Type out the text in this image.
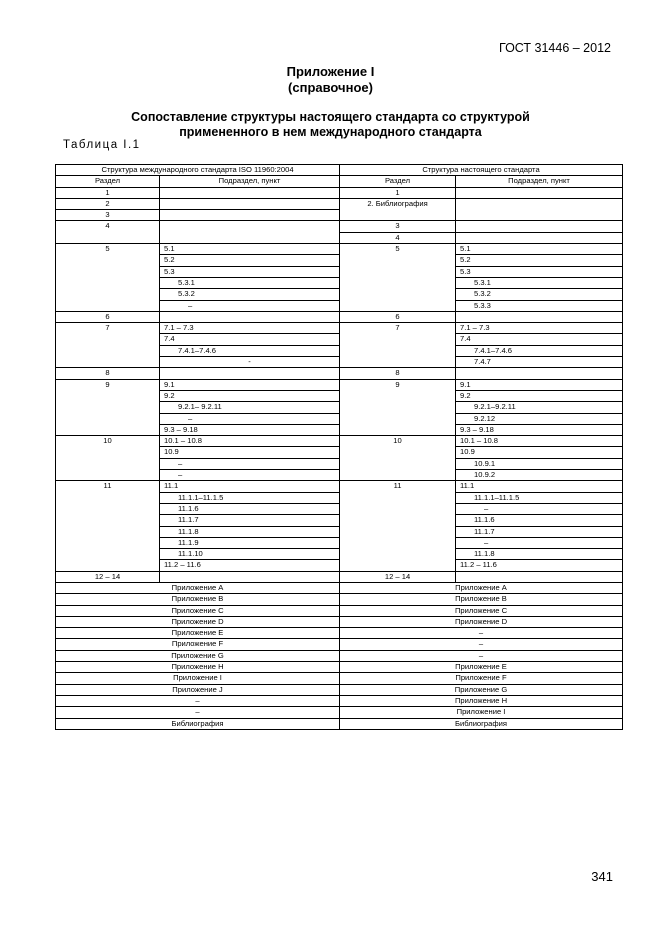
ГОСТ 31446 – 2012
Приложение I
(справочное)
Сопоставление структуры настоящего стандарта со структурой
примененного в нем международного стандарта
Таблица I.1
Структура международного стандарта ISO 11960:2004		Структура настоящего стандарта	
Раздел	Подраздел, пункт	Раздел	Подраздел, пункт
1		1	
2		2. Библиография	
3			
4		3	
		4	
5	5.1	5	5.1
	5.2		5.2
	5.3		5.3
	5.3.1		5.3.1
	5.3.2		5.3.2
	–		5.3.3
6		6	
7	7.1 – 7.3	7	7.1 – 7.3
	7.4		7.4
	7.4.1–7.4.6		7.4.1–7.4.6
	-		7.4.7
8		8	
9	9.1	9	9.1
	9.2		9.2
	9.2.1– 9.2.11		9.2.1–9.2.11
	–		9.2.12
	9.3 – 9.18		9.3 – 9.18
10	10.1 – 10.8	10	10.1 – 10.8
	10.9		10.9
	–		10.9.1
	–		10.9.2
11	11.1	11	11.1
	11.1.1–11.1.5		11.1.1–11.1.5
	11.1.6		–
	11.1.7		11.1.6
	11.1.8		11.1.7
	11.1.9		–
	11.1.10		11.1.8
	11.2 – 11.6		11.2 – 11.6
12 – 14		12 – 14	
Приложение А		Приложение А	
Приложение В		Приложение В	
Приложение С		Приложение С	
Приложение D		Приложение D	
Приложение Е		–	
Приложение F		–	
Приложение G		–	
Приложение Н		Приложение Е	
Приложение I		Приложение F	
Приложение J		Приложение G	
–		Приложение Н	
–		Приложение I	
Библиография		Библиография	
341
